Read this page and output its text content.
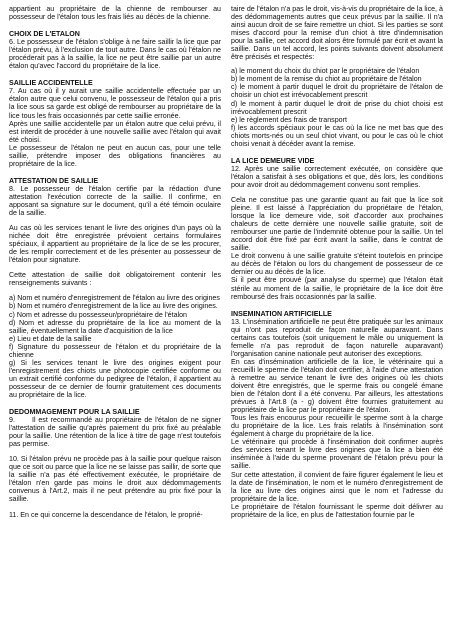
appartient au propriétaire de la chienne de rembourser au possesseur de l'étalon tous les frais liés au décès de la chienne.

CHOIX DE L'ETALON

6. Le possesseur de l'étalon s'oblige à ne faire saillir la lice que par l'étalon prévu, à l'exclusion de tout autre. Dans le cas où l'étalon ne procéderait pas à la saillie, la lice ne peut être saillie par un autre étalon qu'avec l'accord du propriétaire de la lice.

SAILLIE ACCIDENTELLE

7. Au cas où il y aurait une saillie accidentelle effectuée par un étalon autre que celui convenu, le possesseur de l'étalon qui a pris la lice sous sa garde est obligé de rembourser au propriétaire de la lice tous les frais occasionnés par cette saillie erronée.

Après une saillie accidentelle par un étalon autre que celui prévu, il est interdit de procéder à une nouvelle saillie avec l'étalon qui avait été choisi.

Le possesseur de l'étalon ne peut en aucun cas, pour une telle saillie, prétendre imposer des obligations financières au propriétaire de la lice.

ATTESTATION DE SAILLIE

8. Le possesseur de l'étalon certifie par la rédaction d'une attestation l'exécution correcte de la saillie. Il confirme, en apposant sa signature sur le document, qu'il a été témoin oculaire de la saillie.

Au cas où les services tenant le livre des origines d'un pays où la nichée doit être enregistrée prévoient certains formulaires spéciaux, il appartient au propriétaire de la lice de se les procurer, de les remplir correctement et de les présenter au possesseur de l'étalon pour signature.

Cette attestation de saillie doit obligatoirement contenir les renseignements suivants :

a) Nom et numéro d'enregistrement de l'étalon au livre des origines
b) Nom et numéro d'enregistrement de la lice au livre des origines.
c) Nom et adresse du possesseur/propriétaire de l'étalon
d) Nom et adresse du propriétaire de la lice au moment de la saillie, éventuellement la date d'acquisition de la lice
e) Lieu et date de la saillie
f) Signature du possesseur de l'étalon et du propriétaire de la chienne
g) Si les services tenant le livre des origines exigent pour l'enregistrement des chiots une photocopie certifiée conforme ou un extrait certifié conforme du pedigree de l'étalon, il appartient au possesseur de ce dernier de fournir gratuitement ces documents au propriétaire de la lice.

DEDOMMAGEMENT POUR LA SAILLIE

9.      Il est recommandé au propriétaire de l'étalon de ne signer l'attestation de saillie qu'après paiement du prix fixé au préalable pour la saillie. Une rétention de la lice à titre de gage n'est toutefois pas permise.

10. Si l'étalon prévu ne procède pas à la saillie pour quelque raison que ce soit ou parce que la lice ne se laisse pas saillir, de sorte que la saillie n'a pas été effectivement exécutée, le propriétaire de l'étalon n'en garde pas moins le droit aux dédommagements convenus à l'Art.2, mais il ne peut prétendre au prix fixé pour la saillie.

11. En ce qui concerne la descendance de l'étalon, le proprié-

taire de l'étalon n'a pas le droit, vis-à-vis du propriétaire de la lice, à des dédommagements autres que ceux prévus par la saillie. Il n'a ainsi aucun droit de se faire remettre un chiot. Si les parties se sont mises d'accord pour la remise d'un chiot à titre d'indemnisation pour la saillie, cet accord doit alors être formulé par écrit et avant la saillie. Dans un tel accord, les points suivants doivent absolument être précisés et respectés:

a) le moment du choix du chiot par le propriétaire de l'étalon
b) le moment de la remise du chiot au propriétaire de l'étalon
c) le moment à partir duquel le droit du propriétaire de l'étalon de choisir un chiot est irrévocablement prescrit
d) le moment à partir duquel le droit de prise du chiot choisi est irrévocablement prescrit
e) le règlement des frais de transport
f) les accords spéciaux pour le cas où la lice ne met bas que des chiots morts-nés ou un seul chiot vivant, ou pour le cas où le chiot choisi venait à décéder avant la remise.

LA LICE DEMEURE VIDE

12. Après une saillie correctement exécutée, on considère que l'étalon a satisfait à ses obligations et que, dès lors, les conditions pour avoir droit au dédommagement convenu sont remplies.

Cela ne constitue pas une garantie quant au fait que la lice soit pleine. Il est laissé à l'appréciation du propriétaire de l'étalon, lorsque la lice demeure vide, soit d'accorder aux prochaines chaleurs de cette dernière une nouvelle saillie gratuite, soit de rembourser une partie de l'indemnité obtenue pour la saillie. Un tel accord doit être fixé par écrit avant la saillie, dans le contrat de saillie.

Le droit convenu à une saillie gratuite s'éteint toutefois en principe au décès de l'étalon ou lors du changement de possesseur de ce dernier ou au décès de la lice.

Si il peut être prouvé (par analyse du sperme) que l'étalon était stérile au moment de la saillie, le propriétaire de la lice doit être remboursé des frais occasionnés par la saillie.

INSEMINATION ARTIFICIELLE

13. L'insémination artificielle ne peut être pratiquée sur les animaux qui n'ont pas reproduit de façon naturelle auparavant. Dans certains cas toutefois (soit uniquement le mâle ou uniquement la femelle n'a pas reproduit de façon naturelle auparavant) l'organisation canine nationale peut autoriser des exceptions.

En cas d'insémination artificielle de la lice, le vétérinaire qui a recueilli le sperme de l'étalon doit certifier, à l'aide d'une attestation à remettre au service tenant le livre des origines où les chiots doivent être enregistrés, que le sperme frais ou congelé émane bien de l'étalon dont il a été convenu. Par ailleurs, les attestations prévues à l'Art.8 (a - g) doivent être fournies gratuitement au propriétaire de la lice par le propriétaire de l'étalon.

Tous les frais encourus pour recueillir le sperme sont à la charge du propriétaire de la lice. Les frais relatifs à l'insémination sont également à charge du propriétaire de la lice.

Le vétérinaire qui procède à l'insémination doit confirmer auprès des services tenant le livre des origines que la lice a bien été inséminée à l'aide du sperme provenant de l'étalon prévu pour la saillie.

Sur cette attestation, il convient de faire figurer également le lieu et la date de l'insémination, le nom et le numéro d'enregistrement de la lice au livre des origines ainsi que le nom et l'adresse du propriétaire de la lice.

Le propriétaire de l'étalon fournissant le sperme doit délivrer au propriétaire de la lice, en plus de l'attestation fournie par le
